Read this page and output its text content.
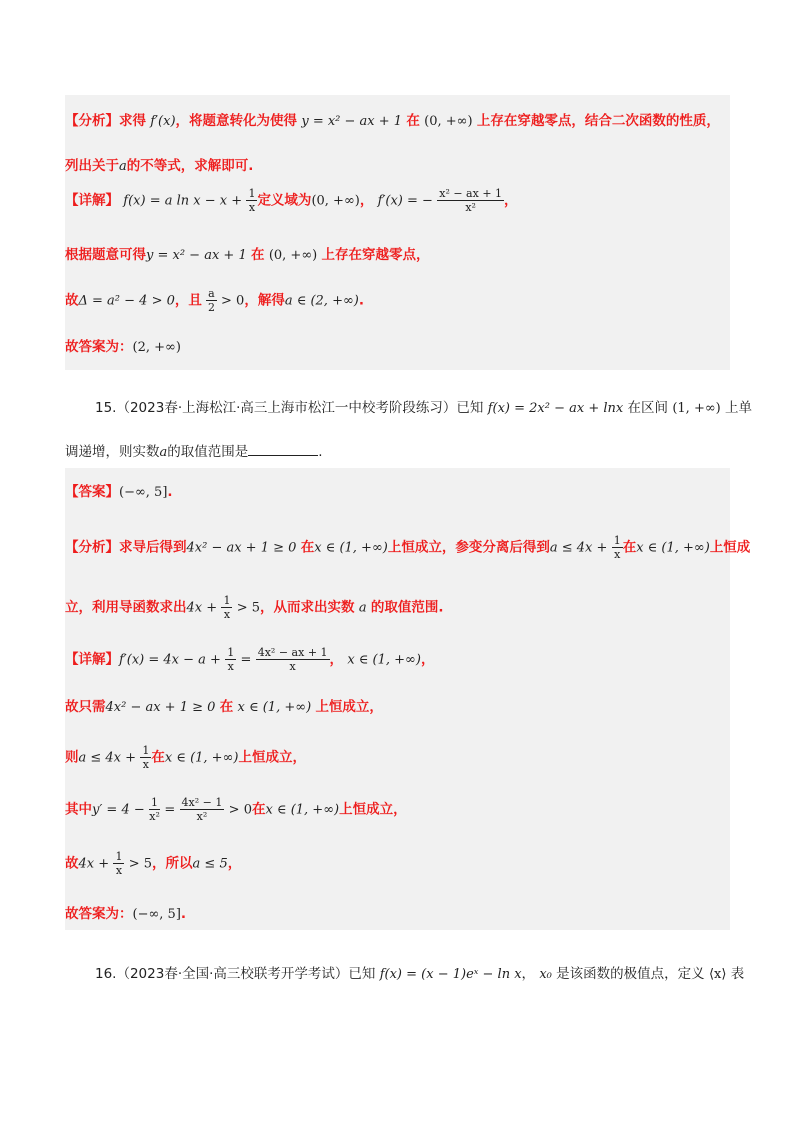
【分析】求得 f′(x)，将题意转化为使得 y = x² − ax + 1 在 (0, +∞) 上存在穿越零点，结合二次函数的性质，
列出关于a的不等式，求解即可.
【详解】 f(x) = a $\ln x - x + \frac{1}{x}$ 定义域为(0, +∞)， f′(x) = − $\frac{\text{x² − ax + 1}}{\text{x²}}$ ，
根据题意可得y = x² − ax + 1 在 (0, +∞) 上存在穿越零点，
故Δ = a² − 4 > 0，且 $\frac{a}{2} > 0$，解得a ∈ (2, +∞).
故答案为：(2, +∞)
15.（2023春·上海松江·高三上海市松江一中校考阶段练习）已知 f(x) = 2x² − ax + lnx 在区间 (1, +∞) 上单
调递增，则实数a的取值范围是	.
【答案】(−∞, 5].
【分析】求导后得到4x² − ax + 1 ≥ 0 在x ∈ (1, +∞)上恒成立，参变分离后得到$a \le 4x + \frac{1}{x}$ 在x ∈ (1, +∞)上恒成
立，利用导函数求出$4x + \frac{1}{x} > 5$，从而求出实数 a 的取值范围.
【详解】$f'(x) = 4x - a + \frac{1}{x} = \frac{\text{4x² − ax + 1}}{x}$ ， x ∈ (1, +∞)，
故只需4x² − ax + 1 ≥ 0 在 x ∈ (1, +∞) 上恒成立，
则$a \le 4x + \frac{1}{x}$ 在x ∈ (1, +∞)上恒成立，
其中$y' = 4 - \frac{1}{\text{x²}} = \frac{\text{4x² − 1}}{\text{x²}} > 0$在x ∈ (1, +∞)上恒成立，
故$4x + \frac{1}{x} > 5$，所以a ≤ 5，
故答案为：(−∞, 5].
16.（2023春·全国·高三校联考开学考试）已知 f(x) = (x − 1)eˣ − ln x， x₀ 是该函数的极值点，定义 ⟨x⟩ 表
